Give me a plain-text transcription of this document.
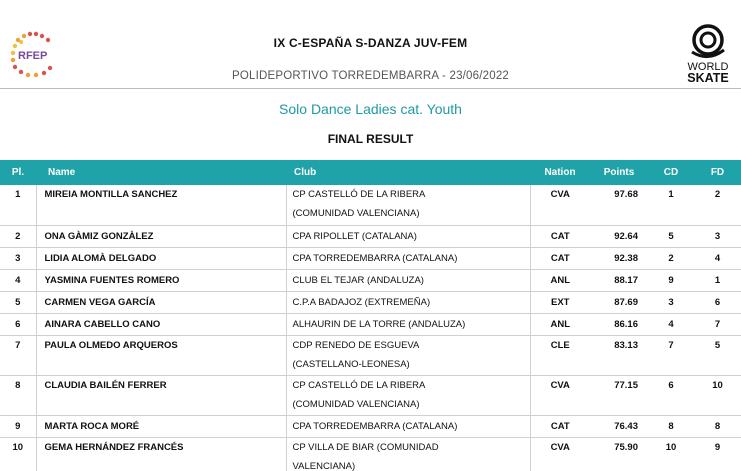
RFEP
WORLD
SKATE
IX C-ESPAÑA S-DANZA JUV-FEM
POLIDEPORTIVO TORREDEMBARRA - 23/06/2022
Solo Dance Ladies cat. Youth
FINAL RESULT
Pl.	Name	Club	Nation	Points	CD	FD
1	MIREIA MONTILLA SANCHEZ	CP CASTELLÓ DE LA RIBERA
(COMUNIDAD VALENCIANA)	CVA	97.68	1	2
2	ONA GÀMIZ GONZÀLEZ	CPA RIPOLLET (CATALANA)	CAT	92.64	5	3
3	LIDIA ALOMÀ DELGADO	CPA TORREDEMBARRA (CATALANA)	CAT	92.38	2	4
4	YASMINA FUENTES ROMERO	CLUB EL TEJAR (ANDALUZA)	ANL	88.17	9	1
5	CARMEN VEGA GARCÍA	C.P.A BADAJOZ (EXTREMEÑA)	EXT	87.69	3	6
6	AINARA CABELLO CANO	ALHAURIN DE LA TORRE (ANDALUZA)	ANL	86.16	4	7
7	PAULA OLMEDO ARQUEROS	CDP RENEDO DE ESGUEVA
(CASTELLANO-LEONESA)	CLE	83.13	7	5
8	CLAUDIA BAILÉN FERRER	CP CASTELLÓ DE LA RIBERA
(COMUNIDAD VALENCIANA)	CVA	77.15	6	10
9	MARTA ROCA MORÉ	CPA TORREDEMBARRA (CATALANA)	CAT	76.43	8	8
10	GEMA HERNÁNDEZ FRANCÉS	CP VILLA DE BIAR (COMUNIDAD
VALENCIANA)	CVA	75.90	10	9
